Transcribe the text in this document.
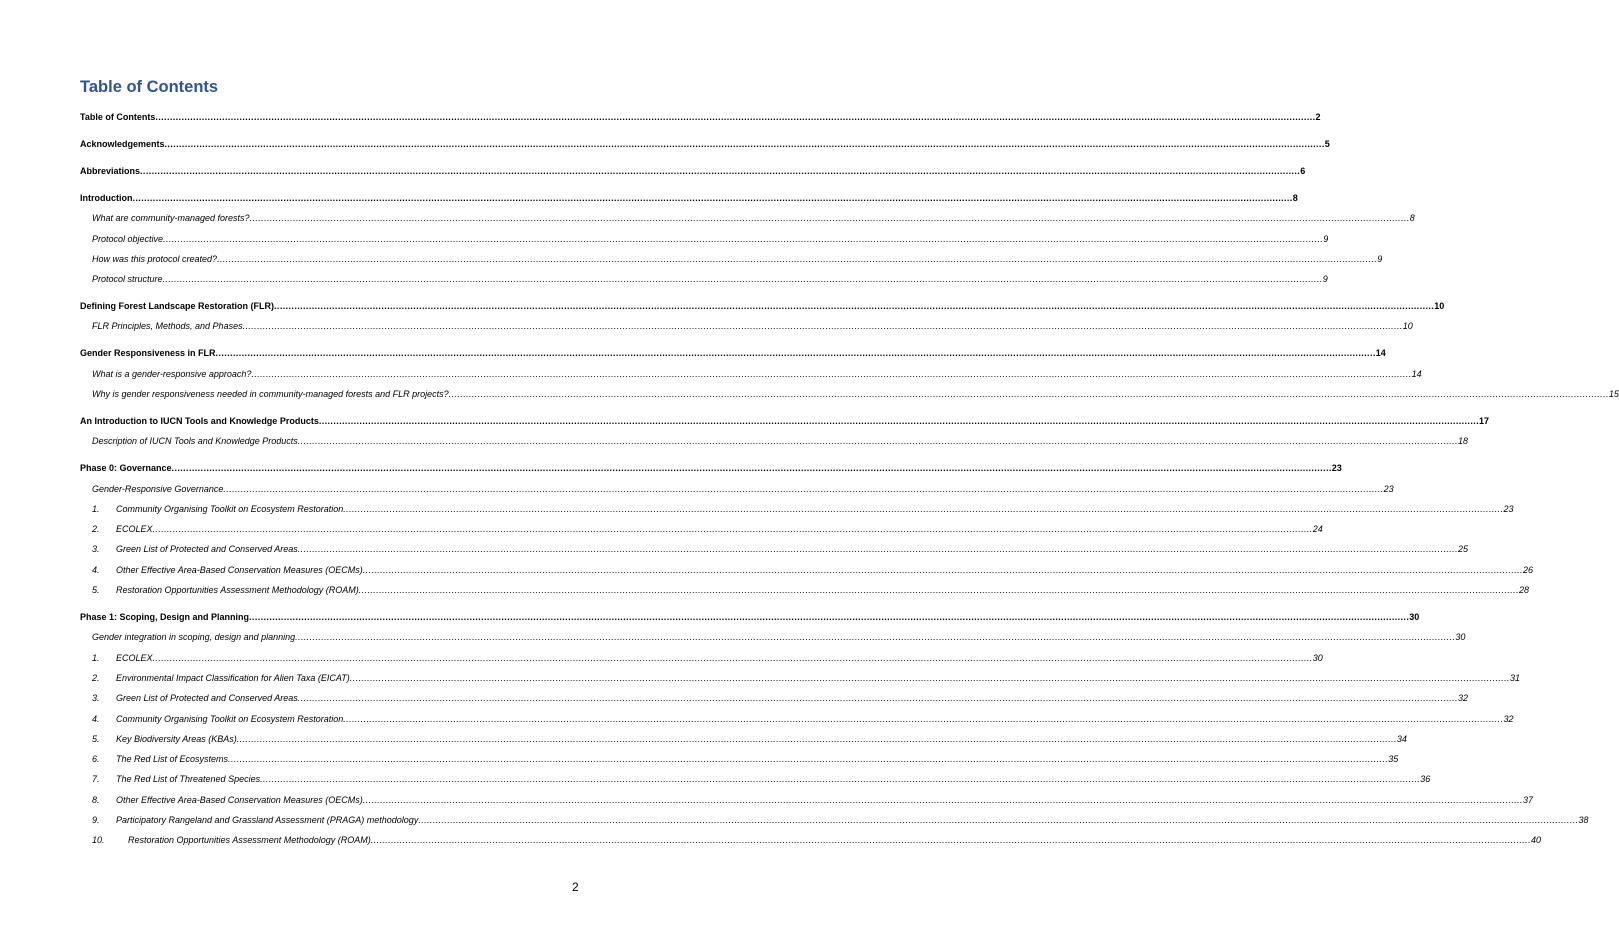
Table of Contents
Table of Contents ................................................................................................................................................................................................................................................................................................................................................................................................................ 2
Acknowledgements ................................................................................................................................................................................................................................................................................................................................................................................................................ 5
Abbreviations ................................................................................................................................................................................................................................................................................................................................................................................................................ 6
Introduction ................................................................................................................................................................................................................................................................................................................................................................................................................ 8
What are community-managed forests? ................................................................................................................................................................................................................................................................................................................................................................................................................ 8
Protocol objective ................................................................................................................................................................................................................................................................................................................................................................................................................ 9
How was this protocol created? ................................................................................................................................................................................................................................................................................................................................................................................................................ 9
Protocol structure ................................................................................................................................................................................................................................................................................................................................................................................................................ 9
Defining Forest Landscape Restoration (FLR) ................................................................................................................................................................................................................................................................................................................................................................................................................ 10
FLR Principles, Methods, and Phases ................................................................................................................................................................................................................................................................................................................................................................................................................ 10
Gender Responsiveness in FLR ................................................................................................................................................................................................................................................................................................................................................................................................................ 14
What is a gender-responsive approach? ................................................................................................................................................................................................................................................................................................................................................................................................................ 14
Why is gender responsiveness needed in community-managed forests and FLR projects? ................................................................................................................................................................................................................................................................................................................................................................................................................ 15
An Introduction to IUCN Tools and Knowledge Products ................................................................................................................................................................................................................................................................................................................................................................................................................ 17
Description of IUCN Tools and Knowledge Products ................................................................................................................................................................................................................................................................................................................................................................................................................ 18
Phase 0: Governance ................................................................................................................................................................................................................................................................................................................................................................................................................ 23
Gender-Responsive Governance ................................................................................................................................................................................................................................................................................................................................................................................................................ 23
1.	Community Organising Toolkit on Ecosystem Restoration ................................................................................................................................................................................................................................................................................................................................................................................................................ 23
2.	ECOLEX ................................................................................................................................................................................................................................................................................................................................................................................................................ 24
3.	Green List of Protected and Conserved Areas ................................................................................................................................................................................................................................................................................................................................................................................................................ 25
4.	Other Effective Area-Based Conservation Measures (OECMs) ................................................................................................................................................................................................................................................................................................................................................................................................................ 26
5.	Restoration Opportunities Assessment Methodology (ROAM) ................................................................................................................................................................................................................................................................................................................................................................................................................ 28
Phase 1: Scoping, Design and Planning ................................................................................................................................................................................................................................................................................................................................................................................................................ 30
Gender integration in scoping, design and planning ................................................................................................................................................................................................................................................................................................................................................................................................................ 30
1.	ECOLEX ................................................................................................................................................................................................................................................................................................................................................................................................................ 30
2.	Environmental Impact Classification for Alien Taxa (EICAT) ................................................................................................................................................................................................................................................................................................................................................................................................................ 31
3.	Green List of Protected and Conserved Areas ................................................................................................................................................................................................................................................................................................................................................................................................................ 32
4.	Community Organising Toolkit on Ecosystem Restoration ................................................................................................................................................................................................................................................................................................................................................................................................................ 32
5.	Key Biodiversity Areas (KBAs) ................................................................................................................................................................................................................................................................................................................................................................................................................ 34
6.	The Red List of Ecosystems ................................................................................................................................................................................................................................................................................................................................................................................................................ 35
7.	The Red List of Threatened Species ................................................................................................................................................................................................................................................................................................................................................................................................................ 36
8.	Other Effective Area-Based Conservation Measures (OECMs) ................................................................................................................................................................................................................................................................................................................................................................................................................ 37
9.	Participatory Rangeland and Grassland Assessment (PRAGA) methodology ................................................................................................................................................................................................................................................................................................................................................................................................................ 38
10.	Restoration Opportunities Assessment Methodology (ROAM) ................................................................................................................................................................................................................................................................................................................................................................................................................ 40
2
